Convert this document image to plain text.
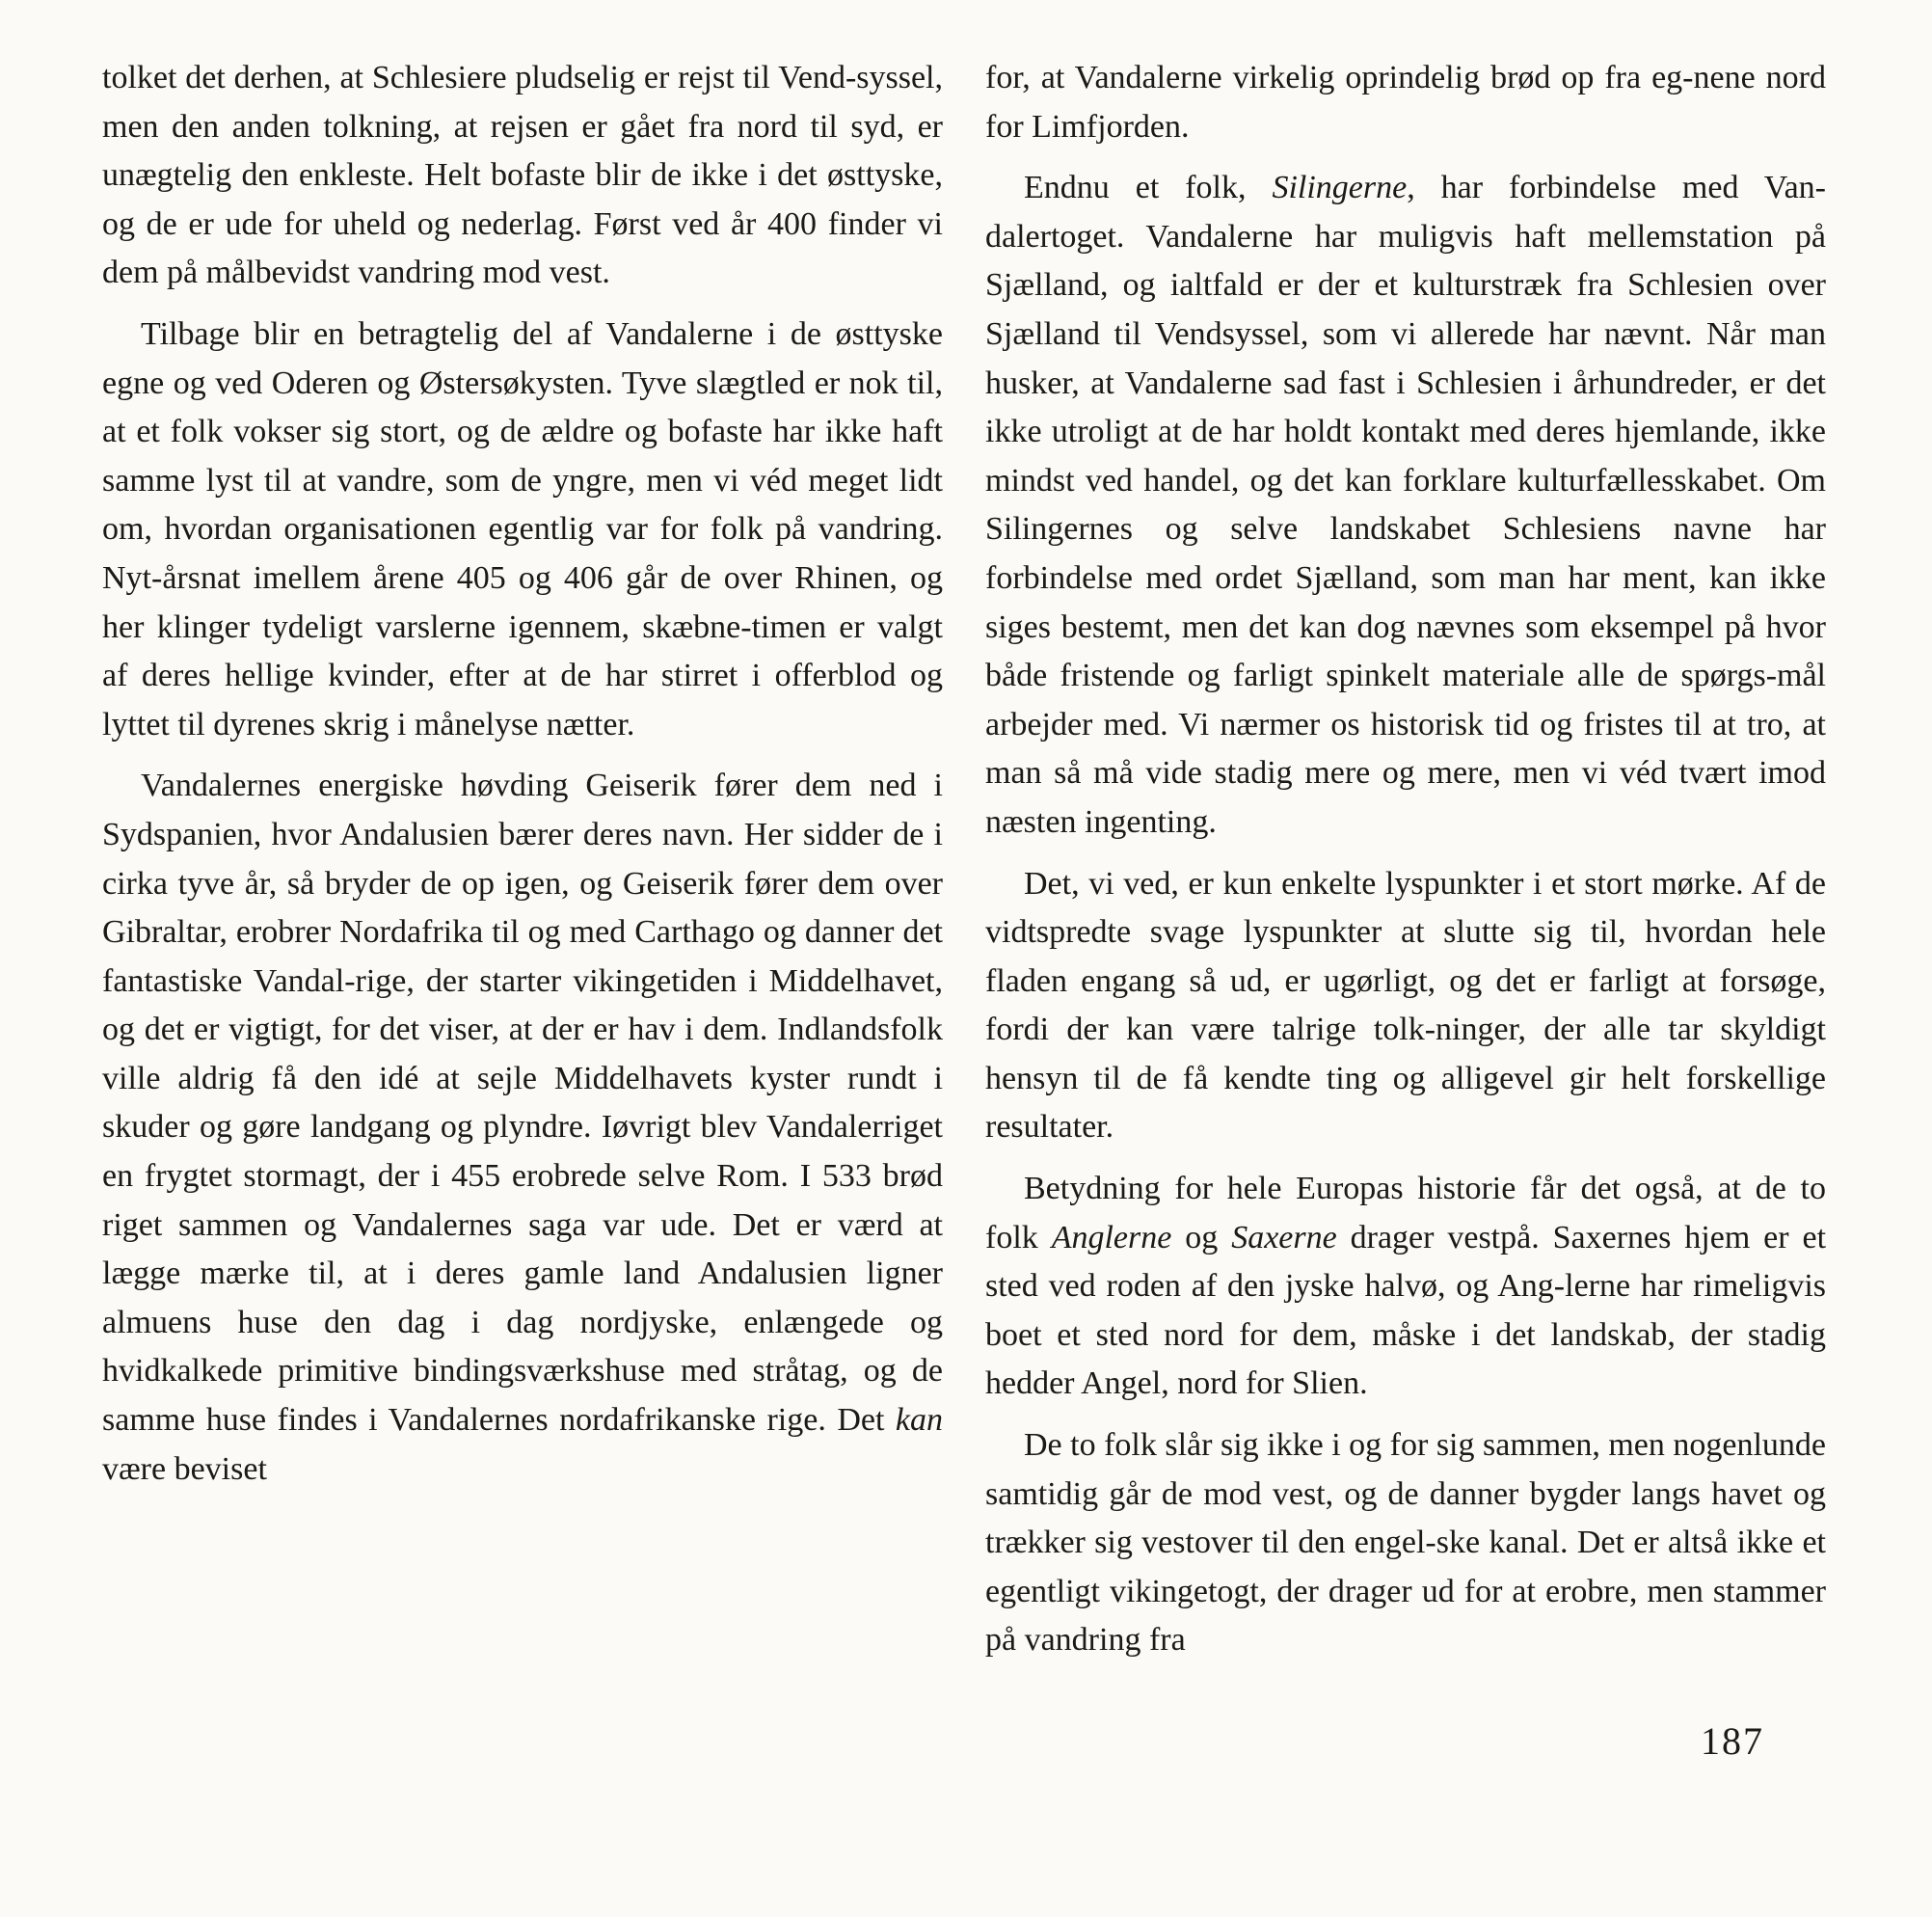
tolket det derhen, at Schlesiere pludselig er rejst til Vend-syssel, men den anden tolkning, at rejsen er gået fra nord til syd, er unægtelig den enkleste. Helt bofaste blir de ikke i det østtyske, og de er ude for uheld og nederlag. Først ved år 400 finder vi dem på målbevidst vandring mod vest.

Tilbage blir en betragtelig del af Vandalerne i de østtyske egne og ved Oderen og Østersøkysten. Tyve slægtled er nok til, at et folk vokser sig stort, og de ældre og bofaste har ikke haft samme lyst til at vandre, som de yngre, men vi véd meget lidt om, hvordan organisationen egentlig var for folk på vandring. Nyt-årsnat imellem årene 405 og 406 går de over Rhinen, og her klinger tydeligt varslerne igennem, skæbne-timen er valgt af deres hellige kvinder, efter at de har stirret i offerblod og lyttet til dyrenes skrig i månelyse nætter.

Vandalernes energiske høvding Geiserik fører dem ned i Sydspanien, hvor Andalusien bærer deres navn. Her sidder de i cirka tyve år, så bryder de op igen, og Geiserik fører dem over Gibraltar, erobrer Nordafrika til og med Carthago og danner det fantastiske Vandal-rige, der starter vikingetiden i Middelhavet, og det er vigtigt, for det viser, at der er hav i dem. Indlandsfolk ville aldrig få den idé at sejle Middelhavets kyster rundt i skuder og gøre landgang og plyndre. Iøvrigt blev Vandalerriget en frygtet stormagt, der i 455 erobrede selve Rom. I 533 brød riget sammen og Vandalernes saga var ude. Det er værd at lægge mærke til, at i deres gamle land Andalusien ligner almuens huse den dag i dag nordjyske, enlængede og hvidkalkede primitive bindingsværkshuse med stråtag, og de samme huse findes i Vandalernes nordafrikanske rige. Det kan være beviset

for, at Vandalerne virkelig oprindelig brød op fra eg-nene nord for Limfjorden.

Endnu et folk, Silingerne, har forbindelse med Van-dalertoget. Vandalerne har muligvis haft mellemstation på Sjælland, og ialtfald er der et kulturstræk fra Schlesien over Sjælland til Vendsyssel, som vi allerede har nævnt. Når man husker, at Vandalerne sad fast i Schlesien i århundreder, er det ikke utroligt at de har holdt kontakt med deres hjemlande, ikke mindst ved handel, og det kan forklare kulturfællesskabet. Om Silingernes og selve landskabet Schlesiens navne har forbindelse med ordet Sjælland, som man har ment, kan ikke siges bestemt, men det kan dog nævnes som eksempel på hvor både fristende og farligt spinkelt materiale alle de spørgs-mål arbejder med. Vi nærmer os historisk tid og fristes til at tro, at man så må vide stadig mere og mere, men vi véd tvært imod næsten ingenting.

Det, vi ved, er kun enkelte lyspunkter i et stort mørke. Af de vidtspredte svage lyspunkter at slutte sig til, hvordan hele fladen engang så ud, er ugørligt, og det er farligt at forsøge, fordi der kan være talrige tolk-ninger, der alle tar skyldigt hensyn til de få kendte ting og alligevel gir helt forskellige resultater.

Betydning for hele Europas historie får det også, at de to folk Anglerne og Saxerne drager vestpå. Saxernes hjem er et sted ved roden af den jyske halvø, og Ang-lerne har rimeligvis boet et sted nord for dem, måske i det landskab, der stadig hedder Angel, nord for Slien.

De to folk slår sig ikke i og for sig sammen, men nogenlunde samtidig går de mod vest, og de danner bygder langs havet og trækker sig vestover til den engel-ske kanal. Det er altså ikke et egentligt vikingetogt, der drager ud for at erobre, men stammer på vandring fra

187
